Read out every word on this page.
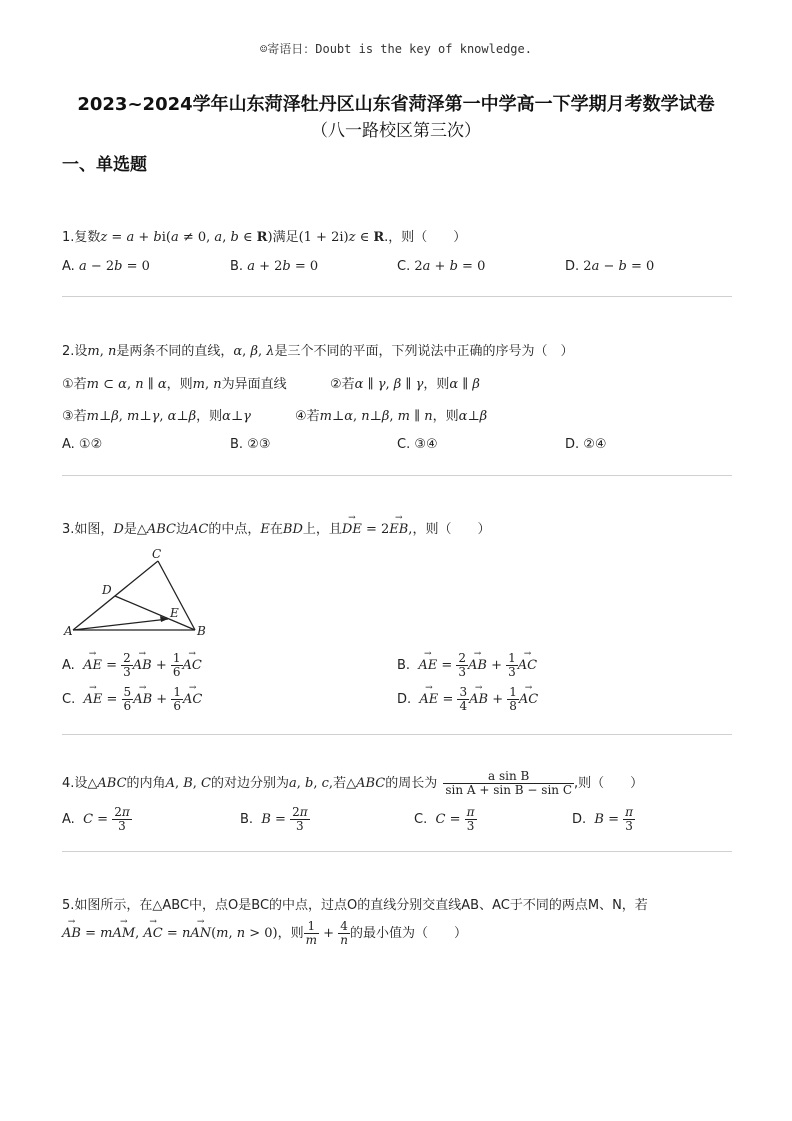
☺寄语日：Doubt is the key of knowledge.
2023~2024学年山东菏泽牡丹区山东省菏泽第一中学高一下学期月考数学试卷
（八一路校区第三次）
一、单选题
1.复数z = a + bi(a ≠ 0, a, b ∈ R)满足(1 + 2i)z ∈ R.，则（　　）
A. a − 2b = 0	B. a + 2b = 0	C. 2a + b = 0	D. 2a − b = 0
2.设m, n是两条不同的直线，α, β, λ是三个不同的平面，下列说法中正确的序号为（　）
①若m ⊂ α, n ∥ α，则m, n为异面直线	②若α ∥ γ, β ∥ γ，则α ∥ β
③若m⊥β, m⊥γ, α⊥β，则α⊥γ	④若m⊥α, n⊥β, m ∥ n，则α⊥β
A. ①②	B. ②③	C. ③④	D. ②④
3.如图，D是△ABC边AC的中点，E在BD上，且→ DE = 2→ EB,，则（　　）
A	B
C
D
E
A. → AE = $\frac{2}{3}$ → AB + $\frac{1}{6}$ → AC	B. → AE = $\frac{2}{3}$ → AB + $\frac{1}{3}$ → AC
C. → AE = $\frac{5}{6}$ → AB + $\frac{1}{6}$ → AC	D. → AE = $\frac{3}{4}$ → AB + $\frac{1}{8}$ → AC
4.设△ABC的内角A, B, C的对边分别为a, b, c,若△ABC的周长为 $\frac{\text{a sin B}}{\text{sin A + sin B − sin C}}$ ,则（　　）
A. $C = \frac{2\pi}{3}$	B. $B = \frac{2\pi}{3}$	C. $C = \frac{\pi}{3}$	D. $B = \frac{\pi}{3}$
5.如图所示，在△ABC中，点O是BC的中点，过点O的直线分别交直线AB、AC于不同的两点M、N，若
→ AB = m→ AM, → AC = n→ AN(m, n > 0)，则 $\frac{1}{m} + \frac{4}{n}$ 的最小值为（　　）
